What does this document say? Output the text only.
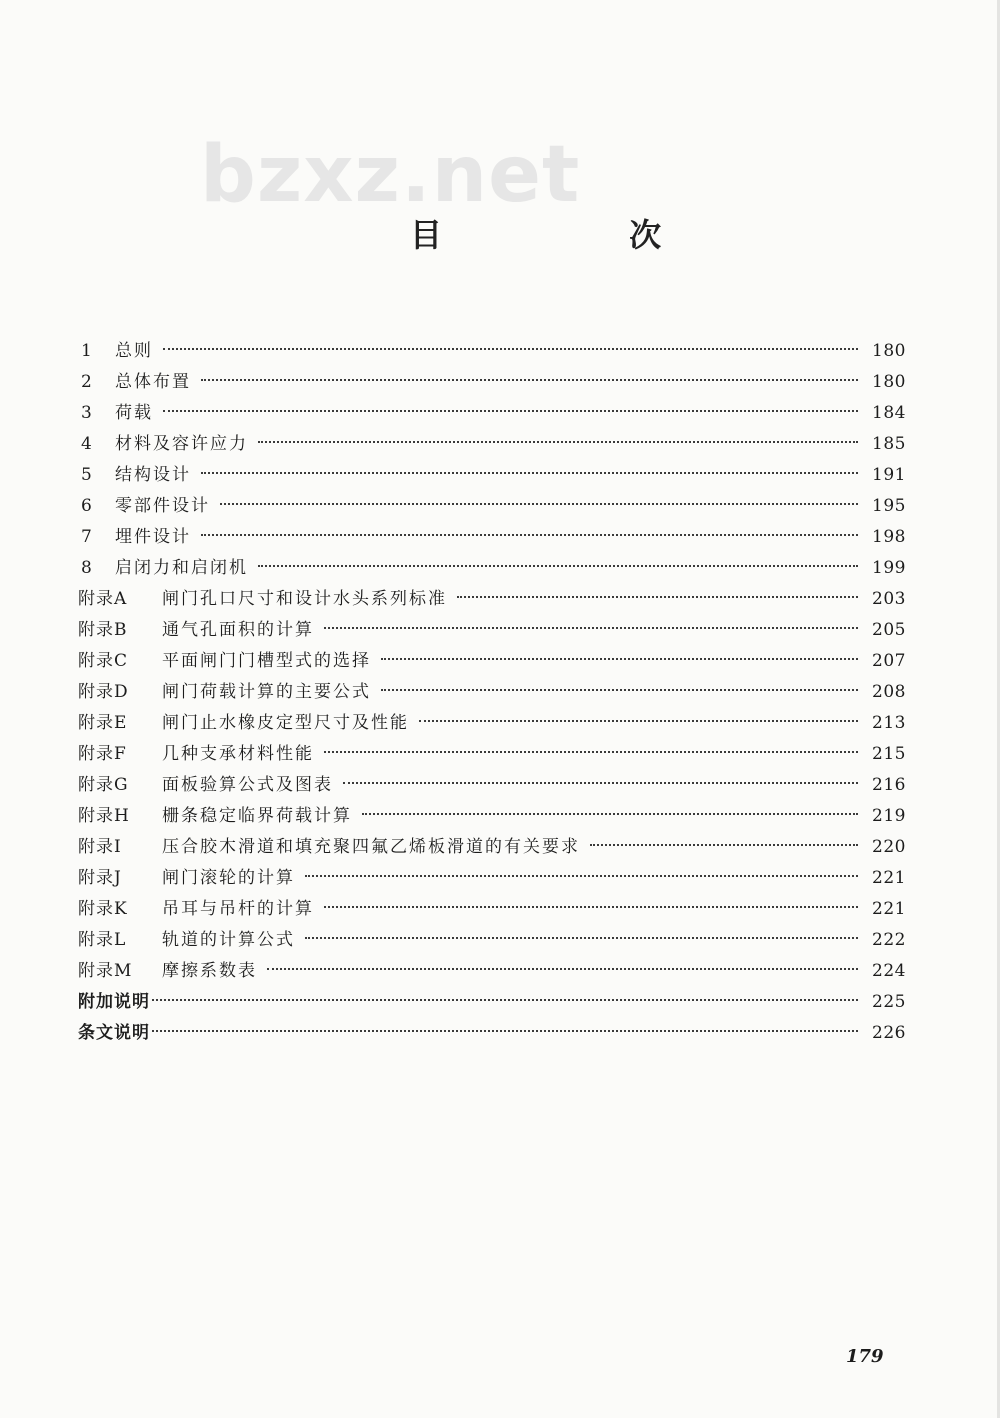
bzxz.net
目 次
1	总则	180
2	总体布置	180
3	荷载	184
4	材料及容许应力	185
5	结构设计	191
6	零部件设计	195
7	埋件设计	198
8	启闭力和启闭机	199
附录A	闸门孔口尺寸和设计水头系列标准	203
附录B	通气孔面积的计算	205
附录C	平面闸门门槽型式的选择	207
附录D	闸门荷载计算的主要公式	208
附录E	闸门止水橡皮定型尺寸及性能	213
附录F	几种支承材料性能	215
附录G	面板验算公式及图表	216
附录H	栅条稳定临界荷载计算	219
附录I	压合胶木滑道和填充聚四氟乙烯板滑道的有关要求	220
附录J	闸门滚轮的计算	221
附录K	吊耳与吊杆的计算	221
附录L	轨道的计算公式	222
附录M	摩擦系数表	224
附加说明	225
条文说明	226
179
